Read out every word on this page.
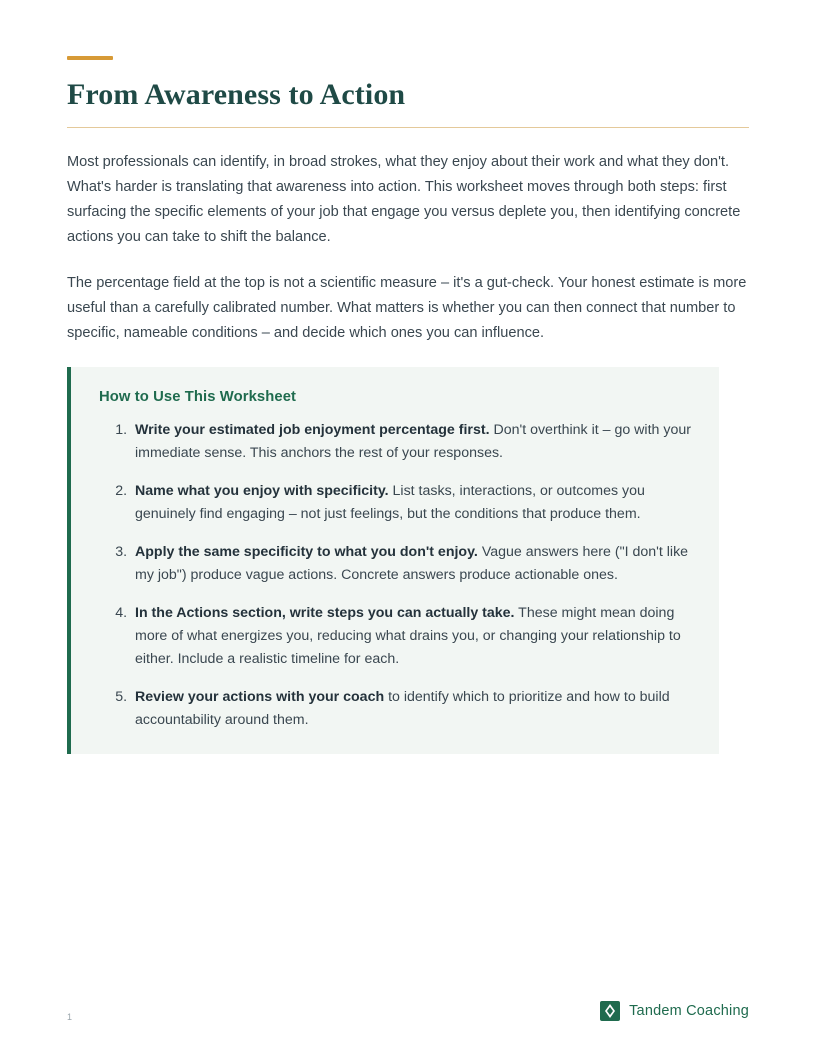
From Awareness to Action

Most professionals can identify, in broad strokes, what they enjoy about their work and what they don't. What's harder is translating that awareness into action. This worksheet moves through both steps: first surfacing the specific elements of your job that engage you versus deplete you, then identifying concrete actions you can take to shift the balance.

The percentage field at the top is not a scientific measure – it's a gut-check. Your honest estimate is more useful than a carefully calibrated number. What matters is whether you can then connect that number to specific, nameable conditions – and decide which ones you can influence.

How to Use This Worksheet
1. Write your estimated job enjoyment percentage first. Don't overthink it – go with your immediate sense. This anchors the rest of your responses.
2. Name what you enjoy with specificity. List tasks, interactions, or outcomes you genuinely find engaging – not just feelings, but the conditions that produce them.
3. Apply the same specificity to what you don't enjoy. Vague answers here ("I don't like my job") produce vague actions. Concrete answers produce actionable ones.
4. In the Actions section, write steps you can actually take. These might mean doing more of what energizes you, reducing what drains you, or changing your relationship to either. Include a realistic timeline for each.
5. Review your actions with your coach to identify which to prioritize and how to build accountability around them.
1	Tandem Coaching
